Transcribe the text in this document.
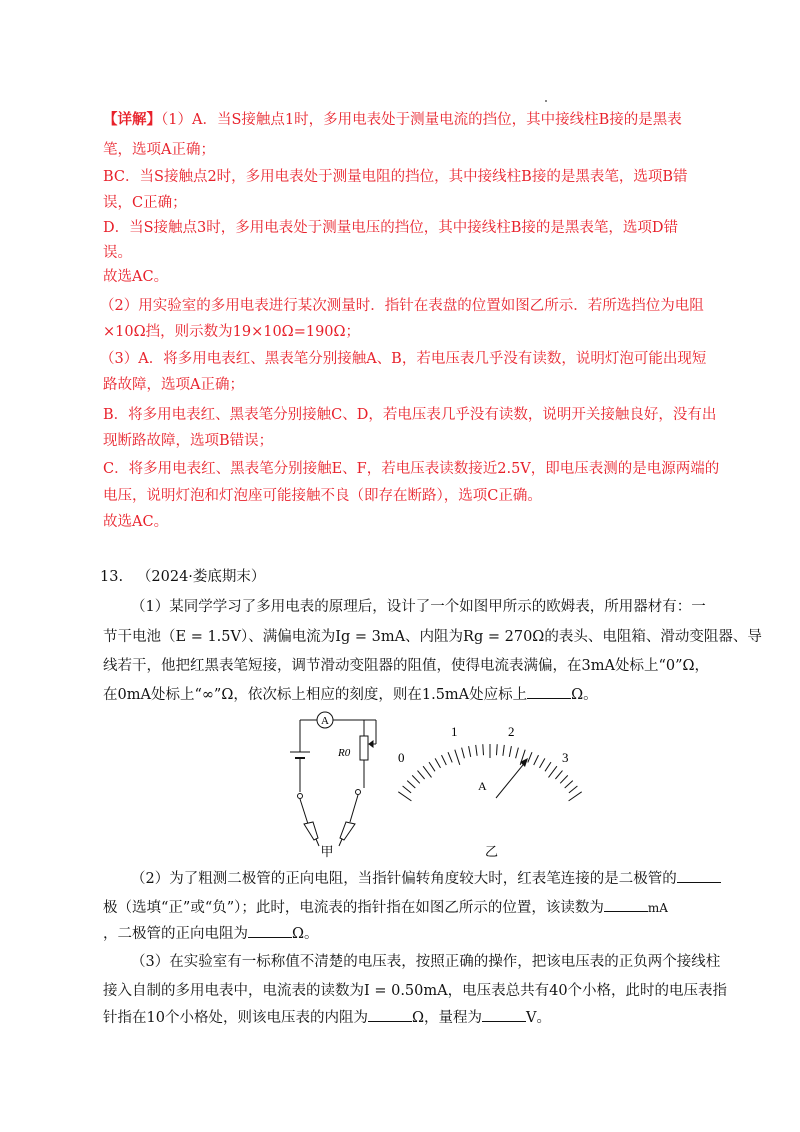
【详解】（1）A．当S接触点1时，多用电表处于测量电流的挡位，其中接线柱B接的是黑表
笔，选项A正确；
BC．当S接触点2时，多用电表处于测量电阻的挡位，其中接线柱B接的是黑表笔，选项B错
误，C正确；
D．当S接触点3时，多用电表处于测量电压的挡位，其中接线柱B接的是黑表笔，选项D错
误。
故选AC。
（2）用实验室的多用电表进行某次测量时．指针在表盘的位置如图乙所示．若所选挡位为电阻
×10Ω挡，则示数为19×10Ω=190Ω；
（3）A．将多用电表红、黑表笔分别接触A、B，若电压表几乎没有读数，说明灯泡可能出现短
路故障，选项A正确；
B．将多用电表红、黑表笔分别接触C、D，若电压表几乎没有读数，说明开关接触良好，没有出
现断路故障，选项B错误；
C．将多用电表红、黑表笔分别接触E、F，若电压表读数接近2.5V，即电压表测的是电源两端的
电压，说明灯泡和灯泡座可能接触不良（即存在断路），选项C正确。
故选AC。
13. （2024·娄底期末）
（1）某同学学习了多用电表的原理后，设计了一个如图甲所示的欧姆表，所用器材有：一
节干电池（E = 1.5V）、满偏电流为Ig = 3mA、内阻为Rg = 270Ω的表头、电阻箱、滑动变阻器、导
线若干，他把红黑表笔短接，调节滑动变阻器的阻值，使得电流表满偏，在3mA处标上“0”Ω，
在0mA处标上“∞”Ω，依次标上相应的刻度，则在1.5mA处应标上	Ω。
A
R0
甲
0
1	2
3
A
乙
（2）为了粗测二极管的正向电阻，当指针偏转角度较大时，红表笔连接的是二极管的
极（选填“正”或“负”）；此时，电流表的指针指在如图乙所示的位置，该读数为	mA
，二极管的正向电阻为	Ω。
（3）在实验室有一标称值不清楚的电压表，按照正确的操作，把该电压表的正负两个接线柱
接入自制的多用电表中，电流表的读数为I = 0.50mA，电压表总共有40个小格，此时的电压表指
针指在10个小格处，则该电压表的内阻为	Ω，量程为	V。
